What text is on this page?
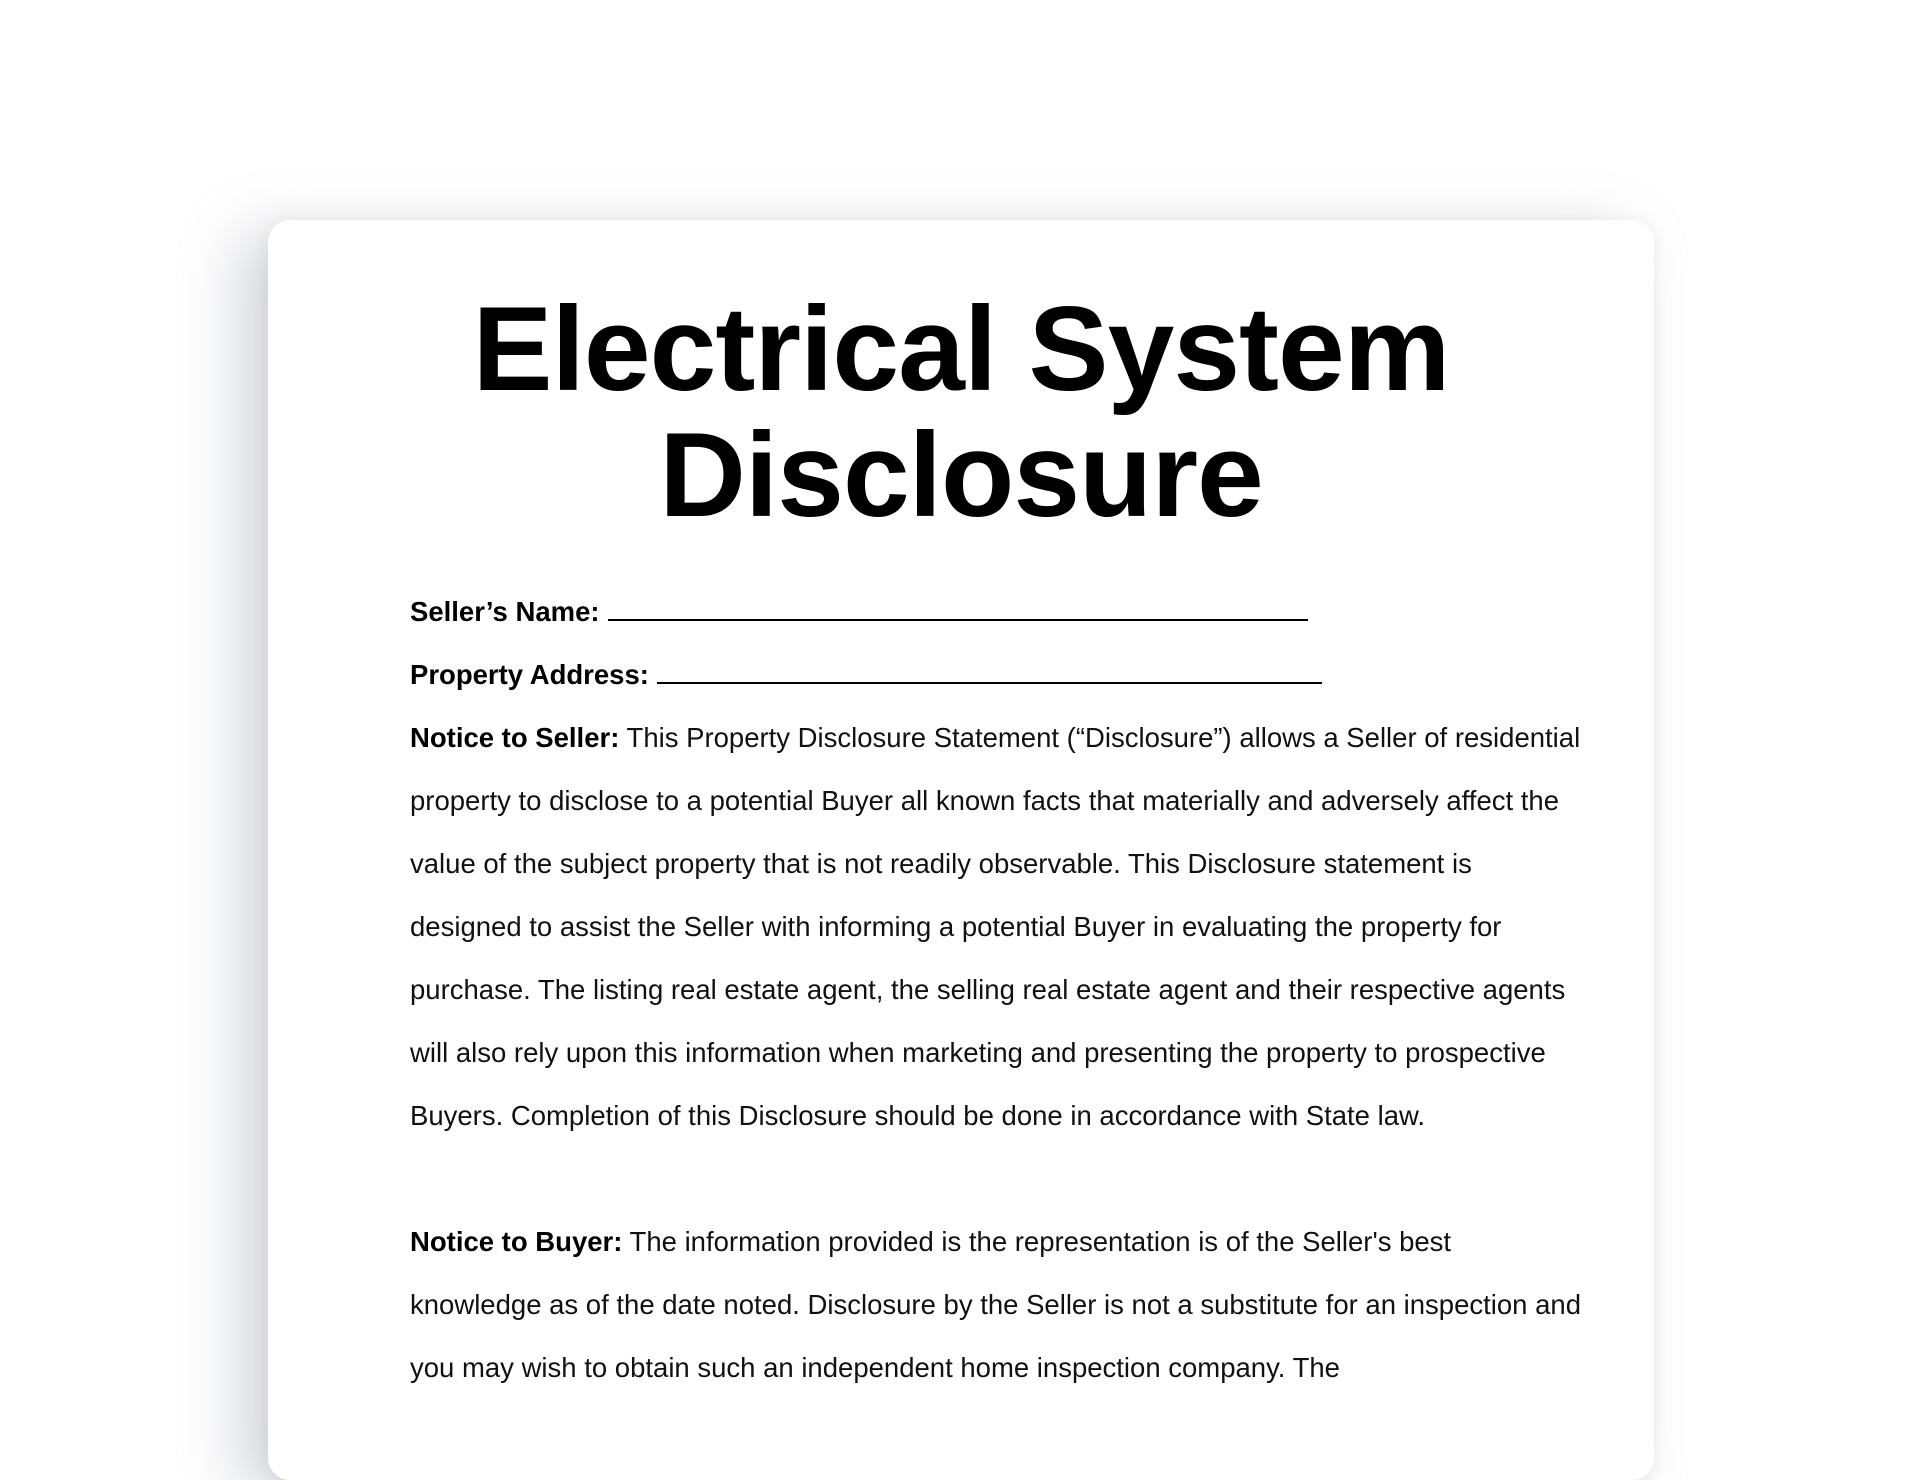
Electrical System
Disclosure

Seller’s Name:

Property Address:

Notice to Seller: This Property Disclosure Statement (“Disclosure”) allows a Seller of residential property to disclose to a potential Buyer all known facts that materially and adversely affect the value of the subject property that is not readily observable. This Disclosure statement is designed to assist the Seller with informing a potential Buyer in evaluating the property for purchase. The listing real estate agent, the selling real estate agent and their respective agents will also rely upon this information when marketing and presenting the property to prospective Buyers. Completion of this Disclosure should be done in accordance with State law.

Notice to Buyer: The information provided is the representation is of the Seller's best knowledge as of the date noted. Disclosure by the Seller is not a substitute for an inspection and you may wish to obtain such an independent home inspection company. The
